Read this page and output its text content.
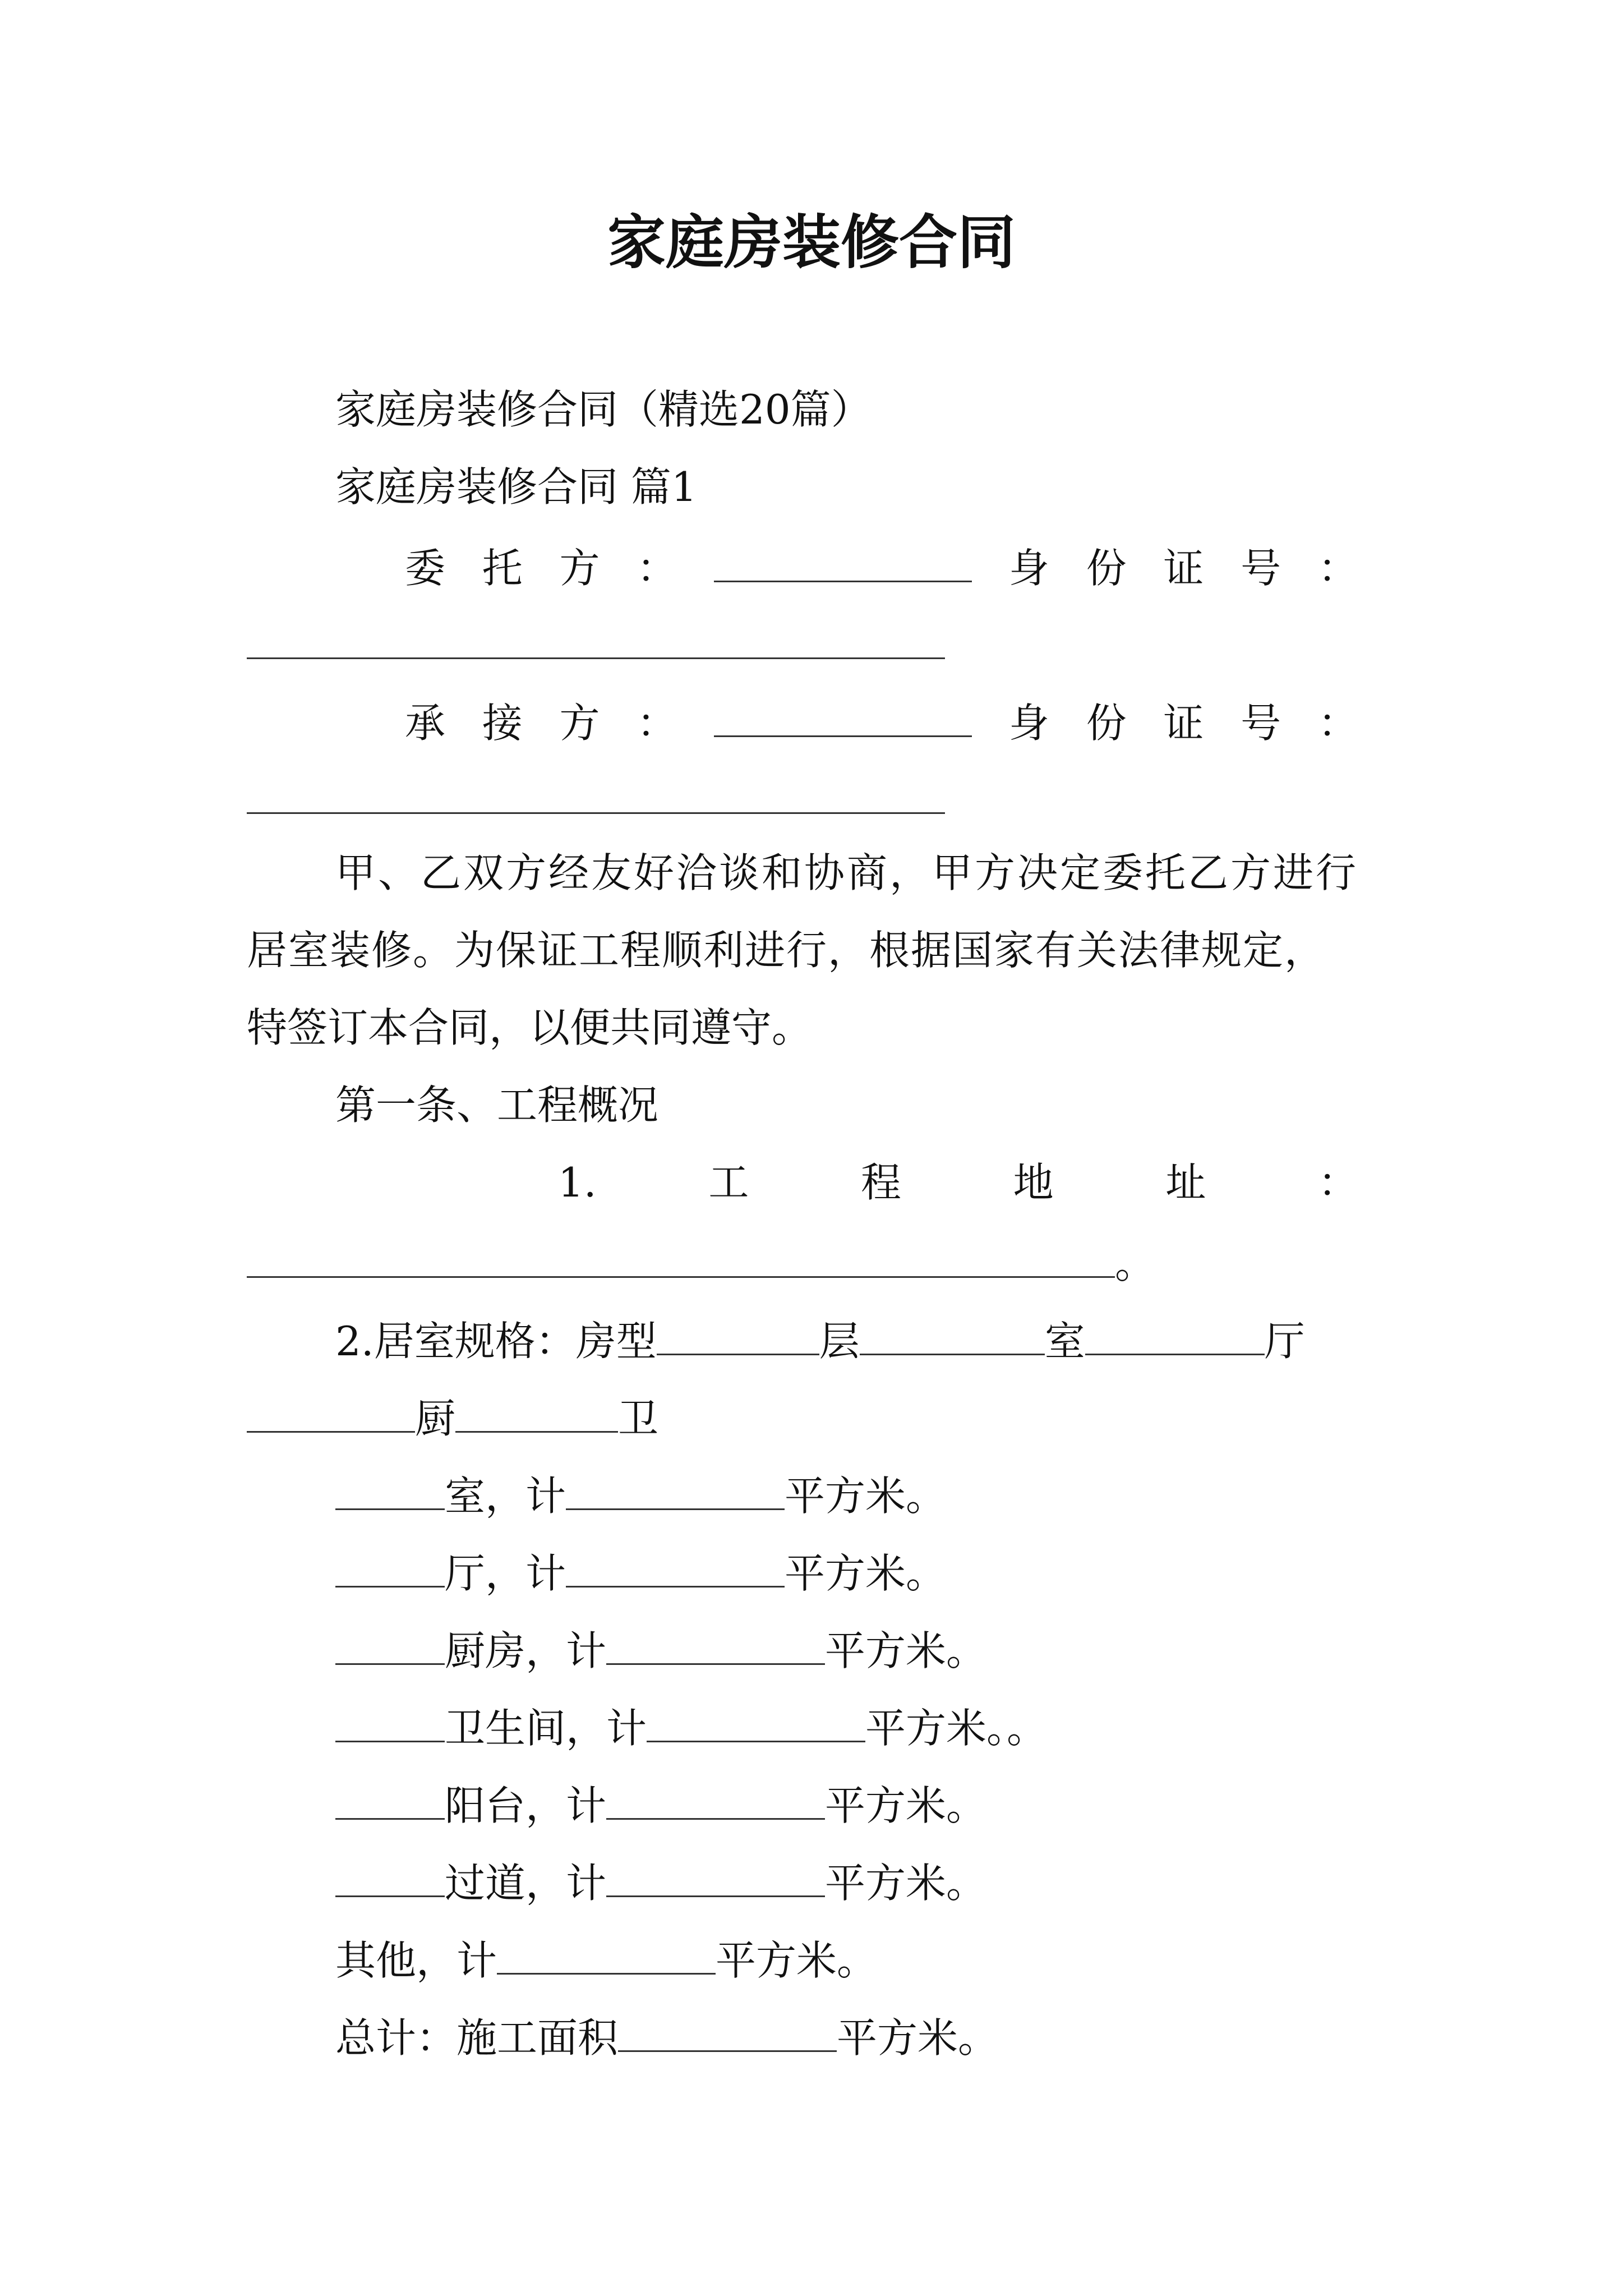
家庭房装修合同
家庭房装修合同（精选20篇）
家庭房装修合同 篇1
委 托 方 ：	身 份 证 号 ：
承 接 方 ：	身 份 证 号 ：
甲、乙双方经友好洽谈和协商，甲方决定委托乙方进行
居室装修。为保证工程顺利进行，根据国家有关法律规定，
特签订本合同，以便共同遵守。
第一条、工程概况
1.	工	程	地	址	：
。
2.居室规格：房型	层	室	厅
厨	卫
室，计	平方米。
厅，计	平方米。
厨房，计	平方米。
卫生间，计	平方米。。
阳台，计	平方米。
过道，计	平方米。
其他，计	平方米。
总计：施工面积	平方米。
